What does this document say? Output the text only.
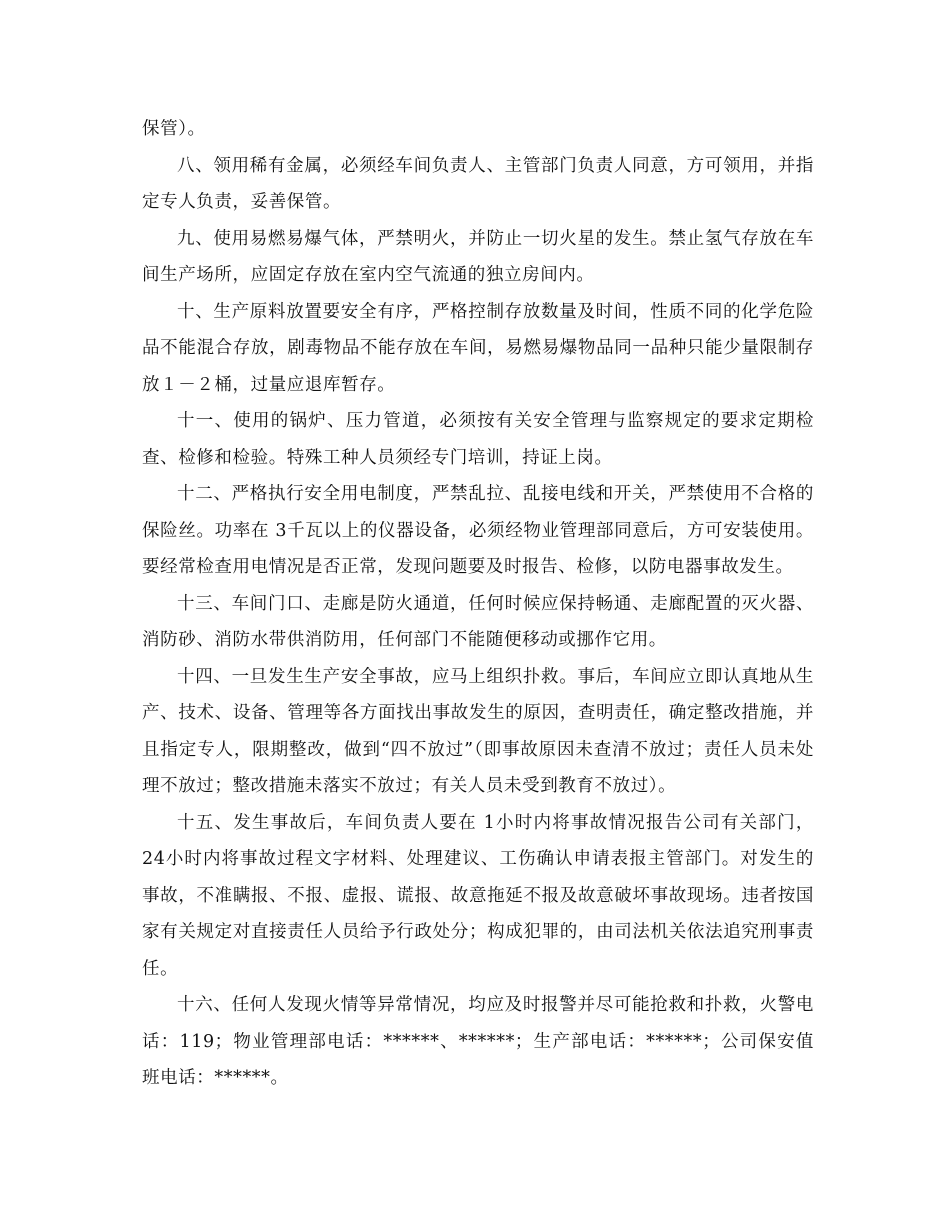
保管）。

八、领用稀有金属，必须经车间负责人、主管部门负责人同意，方可领用，并指定专人负责，妥善保管。

九、使用易燃易爆气体，严禁明火，并防止一切火星的发生。禁止氢气存放在车间生产场所，应固定存放在室内空气流通的独立房间内。

十、生产原料放置要安全有序，严格控制存放数量及时间，性质不同的化学危险品不能混合存放，剧毒物品不能存放在车间，易燃易爆物品同一品种只能少量限制存放１－２桶，过量应退库暂存。

十一、使用的锅炉、压力管道，必须按有关安全管理与监察规定的要求定期检查、检修和检验。特殊工种人员须经专门培训，持证上岗。

十二、严格执行安全用电制度，严禁乱拉、乱接电线和开关，严禁使用不合格的保险丝。功率在 3千瓦以上的仪器设备，必须经物业管理部同意后，方可安装使用。要经常检查用电情况是否正常，发现问题要及时报告、检修，以防电器事故发生。

十三、车间门口、走廊是防火通道，任何时候应保持畅通、走廊配置的灭火器、消防砂、消防水带供消防用，任何部门不能随便移动或挪作它用。

十四、一旦发生生产安全事故，应马上组织扑救。事后，车间应立即认真地从生产、技术、设备、管理等各方面找出事故发生的原因，查明责任，确定整改措施，并且指定专人，限期整改，做到“四不放过”（即事故原因未查清不放过；责任人员未处理不放过；整改措施未落实不放过；有关人员未受到教育不放过）。

十五、发生事故后，车间负责人要在 1小时内将事故情况报告公司有关部门，24小时内将事故过程文字材料、处理建议、工伤确认申请表报主管部门。对发生的事故，不准瞒报、不报、虚报、谎报、故意拖延不报及故意破坏事故现场。违者按国家有关规定对直接责任人员给予行政处分；构成犯罪的，由司法机关依法追究刑事责任。

十六、任何人发现火情等异常情况，均应及时报警并尽可能抢救和扑救，火警电话：119；物业管理部电话：******、******；生产部电话：******；公司保安值班电话：******。
